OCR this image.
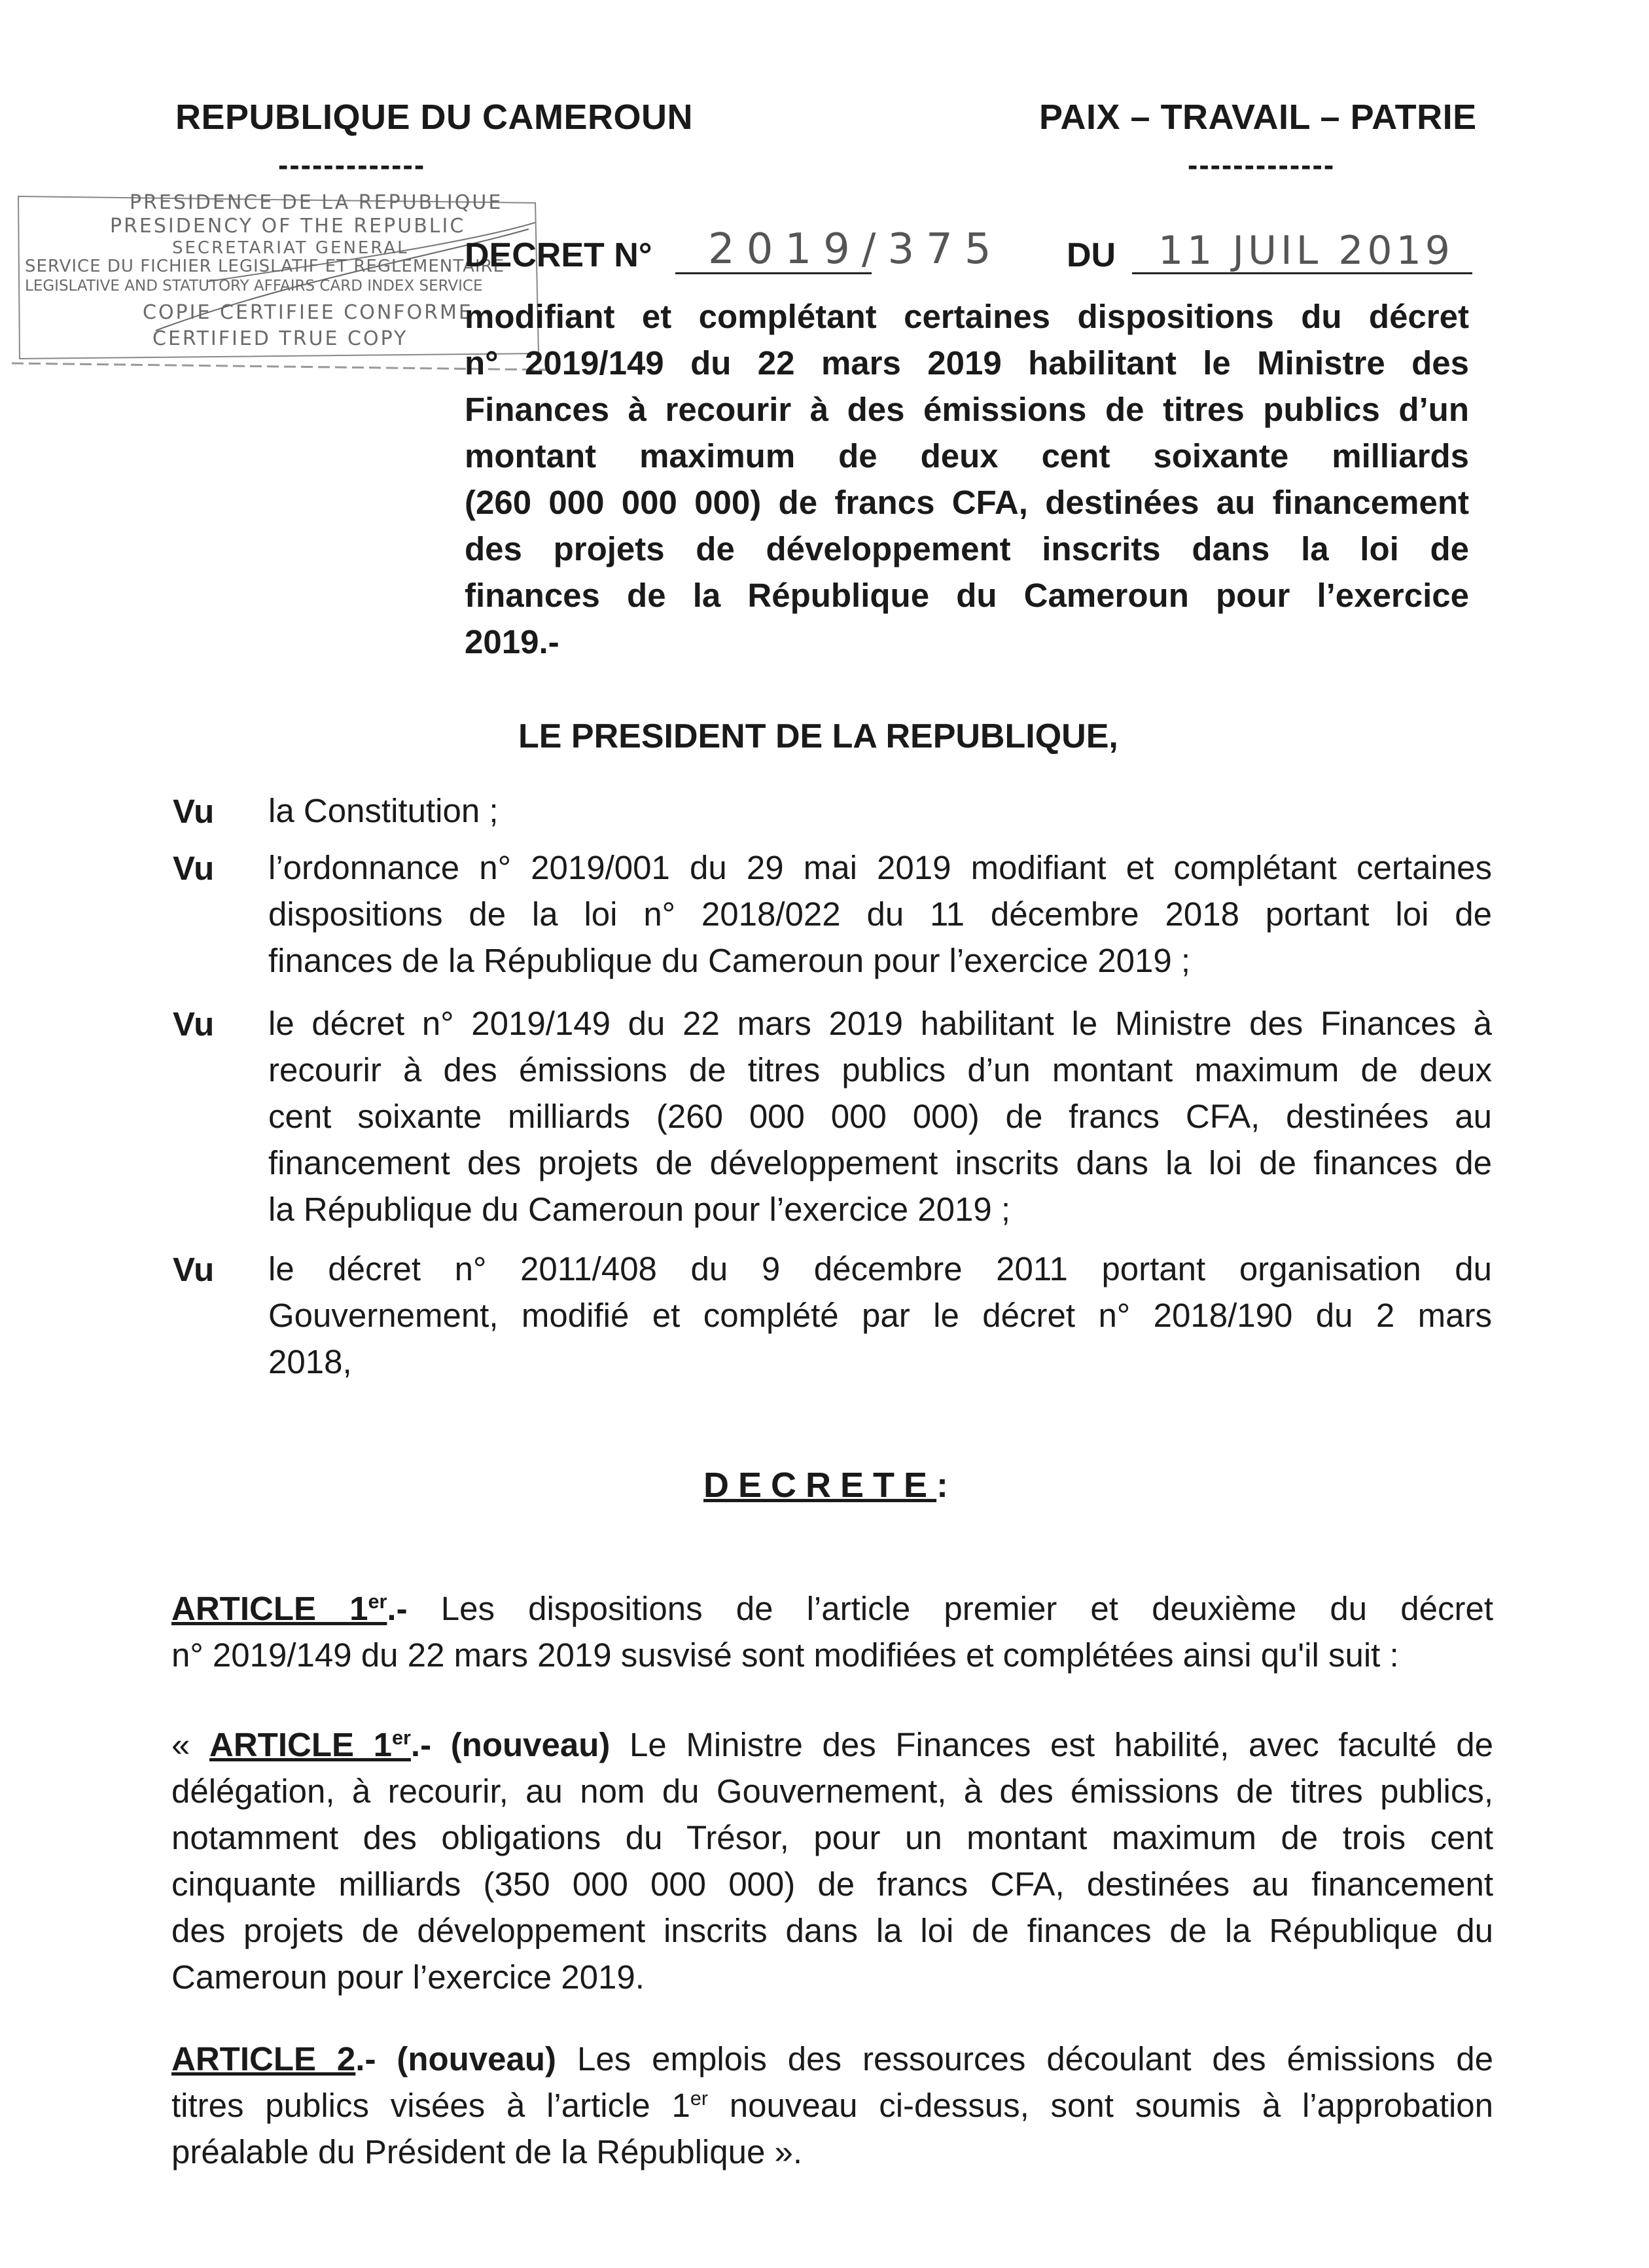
REPUBLIQUE DU CAMEROUN
-------------
PAIX – TRAVAIL – PATRIE
-------------
PRESIDENCE DE LA REPUBLIQUE
PRESIDENCY OF THE REPUBLIC
SECRETARIAT GENERAL
SERVICE DU FICHIER LEGISLATIF ET REGLEMENTAIRE
LEGISLATIVE AND STATUTORY AFFAIRS CARD INDEX SERVICE
COPIE CERTIFIEE CONFORME
CERTIFIED TRUE COPY
DECRET N° 2019/375 DU 11 JUIL 2019
modifiant et complétant certaines dispositions du décret
n° 2019/149 du 22 mars 2019 habilitant le Ministre des
Finances à recourir à des émissions de titres publics d’un
montant maximum de deux cent soixante milliards
(260 000 000 000) de francs CFA, destinées au financement
des projets de développement inscrits dans la loi de
finances de la République du Cameroun pour l’exercice
2019.-
LE PRESIDENT DE LA REPUBLIQUE,
Vu la Constitution ;
Vu l’ordonnance n° 2019/001 du 29 mai 2019 modifiant et complétant certaines
dispositions de la loi n° 2018/022 du 11 décembre 2018 portant loi de
finances de la République du Cameroun pour l’exercice 2019 ;
Vu le décret n° 2019/149 du 22 mars 2019 habilitant le Ministre des Finances à
recourir à des émissions de titres publics d’un montant maximum de deux
cent soixante milliards (260 000 000 000) de francs CFA, destinées au
financement des projets de développement inscrits dans la loi de finances de
la République du Cameroun pour l’exercice 2019 ;
Vu le décret n° 2011/408 du 9 décembre 2011 portant organisation du
Gouvernement, modifié et complété par le décret n° 2018/190 du 2 mars
2018,
DECRETE:
ARTICLE 1er.- Les dispositions de l’article premier et deuxième du décret
n° 2019/149 du 22 mars 2019 susvisé sont modifiées et complétées ainsi qu'il suit :
« ARTICLE 1er.- (nouveau) Le Ministre des Finances est habilité, avec faculté de
délégation, à recourir, au nom du Gouvernement, à des émissions de titres publics,
notamment des obligations du Trésor, pour un montant maximum de trois cent
cinquante milliards (350 000 000 000) de francs CFA, destinées au financement
des projets de développement inscrits dans la loi de finances de la République du
Cameroun pour l’exercice 2019.
ARTICLE 2.- (nouveau) Les emplois des ressources découlant des émissions de
titres publics visées à l’article 1er nouveau ci-dessus, sont soumis à l’approbation
préalable du Président de la République ».
